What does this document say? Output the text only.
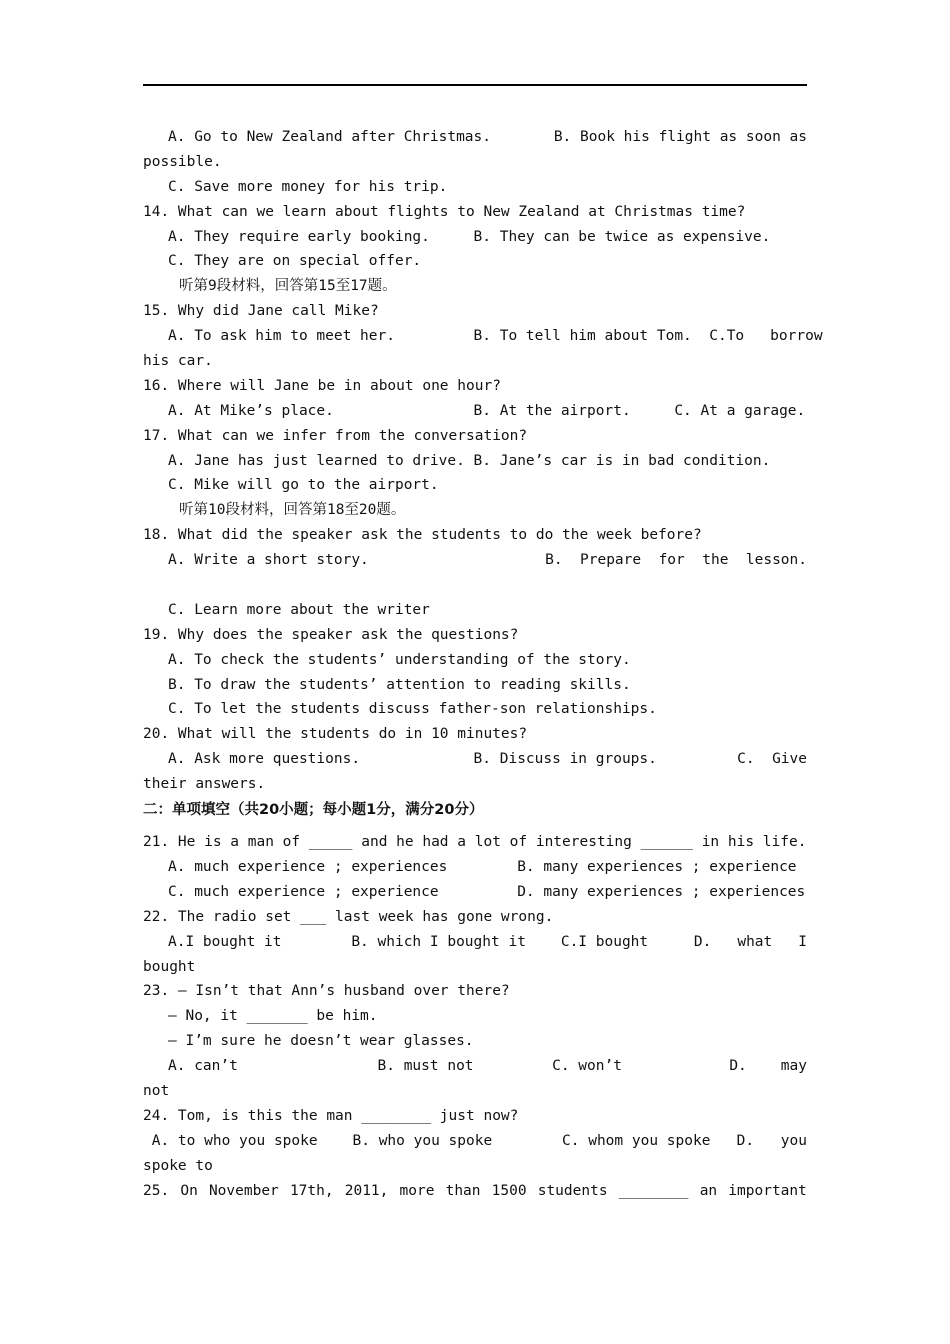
A. Go to New Zealand after Christmas.	B. Book his flight as soon as
possible.
C. Save more money for his trip.
14. What can we learn about flights to New Zealand at Christmas time?
A. They require early booking.     B. They can be twice as expensive.
C. They are on special offer.
听第9段材料，回答第15至17题。
15. Why did Jane call Mike?
A. To ask him to meet her.         B. To tell him about Tom.  C. To borrow
his car.
16. Where will Jane be in about one hour?
A. At Mike’s place.                B. At the airport.     C. At a garage.
17. What can we infer from the conversation?
A. Jane has just learned to drive. B. Jane’s car is in bad condition.
C. Mike will go to the airport.
听第10段材料，回答第18至20题。
18. What did the speaker ask the students to do the week before?
A. Write a short story.	B.  Prepare  for  the  lesson.
C. Learn more about the writer
19. Why does the speaker ask the questions?
A. To check the students’ understanding of the story.
B. To draw the students’ attention to reading skills.
C. To let the students discuss father-son relationships.
20. What will the students do in 10 minutes?
A. Ask more questions.             B. Discuss in groups.	C.  Give
their answers.
二：单项填空（共20小题；每小题1分，满分20分）
21. He is a man of _____ and he had a lot of interesting ______ in his life.
A. much experience ; experiences        B. many experiences ; experience
C. much experience ; experience         D. many experiences ; experiences
22. The radio set ___ last week has gone wrong.
A.I bought it        B. which I bought it    C.I bought	D. what I
bought
23. — Isn’t that Ann’s husband over there?
— No, it _______ be him.
— I’m sure he doesn’t wear glasses.
A. can’t                B. must not         C. won’t	D. may
not
24. Tom, is this the man ________ just now?
A. to who you spoke    B. who you spoke        C. whom you spoke   D. you
spoke to
25. On November 17th, 2011, more than 1500 students ________ an important
